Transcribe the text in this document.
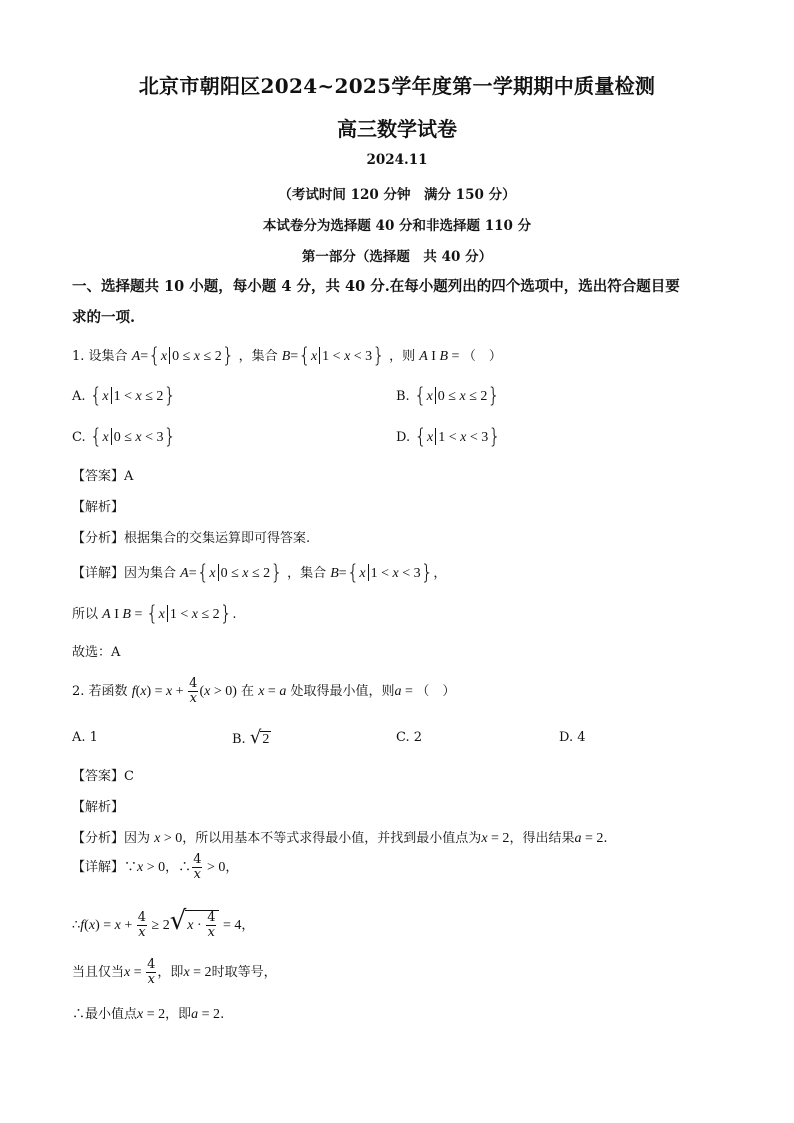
北京市朝阳区2024~2025学年度第一学期期中质量检测
高三数学试卷
2024.11
（考试时间 120 分钟　满分 150 分）
本试卷分为选择题 40 分和非选择题 110 分
第一部分（选择题　共 40 分）
一、选择题共 10 小题，每小题 4 分，共 40 分.在每小题列出的四个选项中，选出符合题目要
求的一项.
1. 设集合 A={x 0 ≤ x ≤ 2} ，集合 B={x 1 < x < 3} ，则 A I B = （　）
A. {x 1 < x ≤ 2}	B. {x 0 ≤ x ≤ 2}
C. {x 0 ≤ x < 3}	D. {x 1 < x < 3}
【答案】A
【解析】
【分析】根据集合的交集运算即可得答案.
【详解】因为集合 A={x 0 ≤ x ≤ 2} ，集合 B={x 1 < x < 3}，
所以 A I B = {x 1 < x ≤ 2}.
故选：A
2. 若函数 $f(x) = x + \frac{4}{x} (x > 0)$ 在 x = a 处取得最小值，则a = （　）
A. 1	B. √2	C. 2	D. 4
【答案】C
【解析】
【分析】因为 x > 0，所以用基本不等式求得最小值，并找到最小值点为x = 2，得出结果a = 2.
【详解】∵x > 0，∴ $\frac{4}{x} > 0$，
∴f(x) = $x + \frac{4}{x} \ge 2√x \cdot \frac{4}{x} = 4$，
当且仅当$x = \frac{4}{x}$ ，即x = 2时取等号，
∴最小值点x = 2，即a = 2.
